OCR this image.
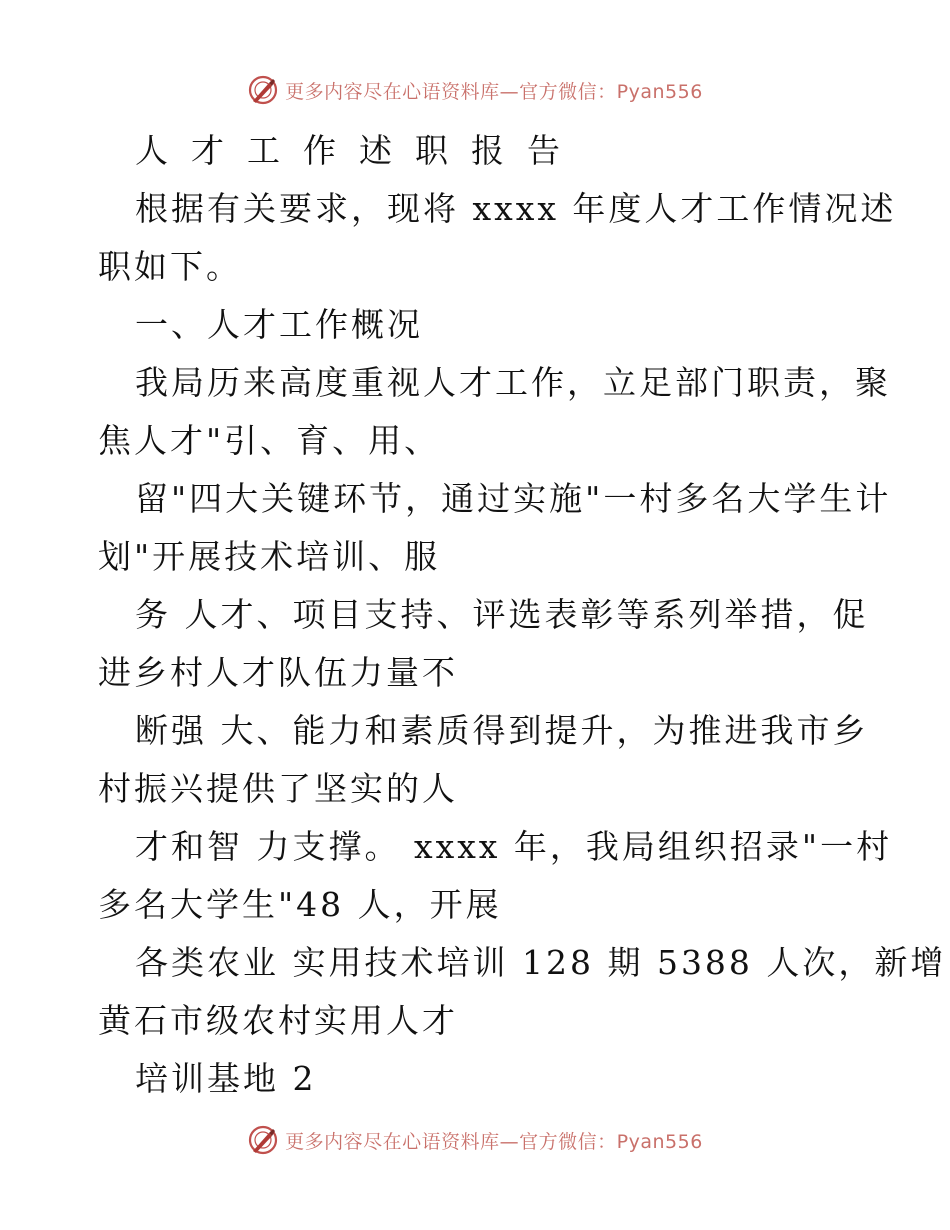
更多内容尽在心语资料库—官方微信：Pyan556
人才工作述职报告
根据有关要求，现将 xxxx 年度人才工作情况述
职如下。
一、人才工作概况
我局历来高度重视人才工作，立足部门职责，聚
焦人才"引、育、用、
留"四大关键环节，通过实施"一村多名大学生计
划"开展技术培训、服
务 人才、项目支持、评选表彰等系列举措，促
进乡村人才队伍力量不
断强 大、能力和素质得到提升，为推进我市乡
村振兴提供了坚实的人
才和智 力支撑。 xxxx 年，我局组织招录"一村
多名大学生"48 人，开展
各类农业 实用技术培训 128 期 5388 人次，新增
黄石市级农村实用人才
培训基地 2
更多内容尽在心语资料库—官方微信：Pyan556
